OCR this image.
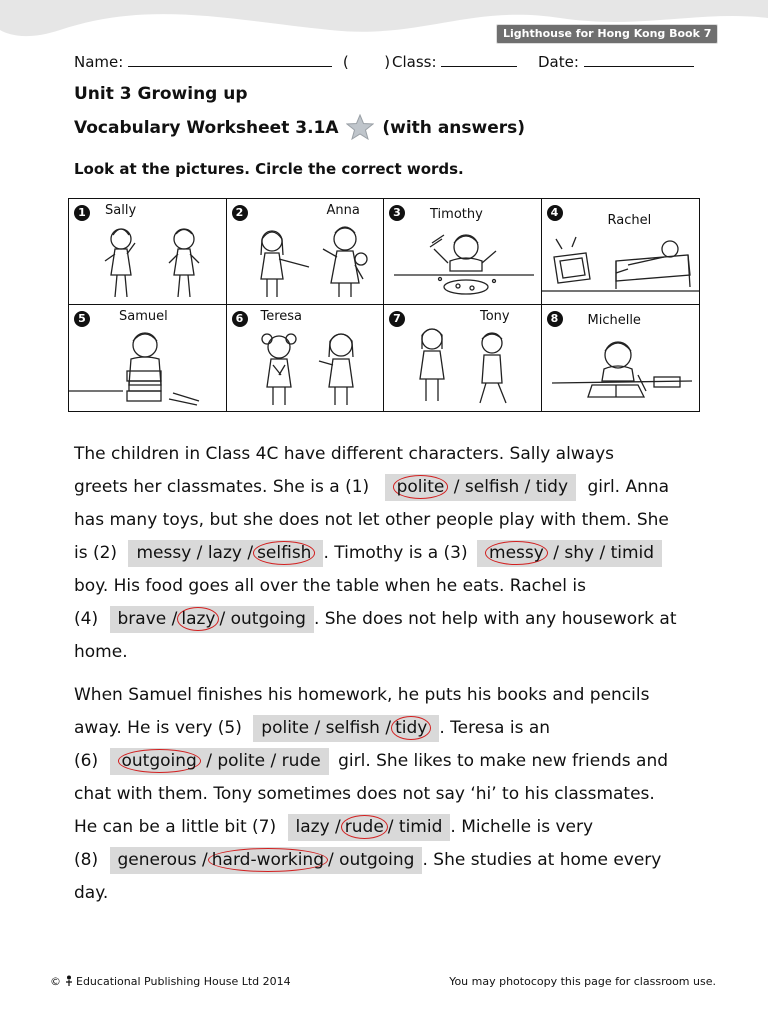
Lighthouse for Hong Kong Book 7
Name:	( ) Class:	Date:
Unit 3 Growing up
Vocabulary Worksheet 3.1A	(with answers)
Look at the pictures. Circle the correct words.
1	Sally	2	Anna	3	Timothy	4
Rachel
5	Samuel	6	Teresa	7	Tony	8	Michelle
The children in Class 4C have different characters. Sally always
greets her classmates. She is a (1) polite / selfish / tidy girl. Anna
has many toys, but she does not let other people play with them. She
is (2) messy / lazy / selfish . Timothy is a (3) messy / shy / timid
boy. His food goes all over the table when he eats. Rachel is
(4) brave / lazy / outgoing . She does not help with any housework at
home.
When Samuel finishes his homework, he puts his books and pencils
away. He is very (5) polite / selfish / tidy . Teresa is an
(6) outgoing / polite / rude girl. She likes to make new friends and
chat with them. Tony sometimes does not say ‘hi’ to his classmates.
He can be a little bit (7) lazy / rude / timid . Michelle is very
(8) generous / hard-working / outgoing . She studies at home every
day.
© Educational Publishing House Ltd 2014	You may photocopy this page for classroom use.
